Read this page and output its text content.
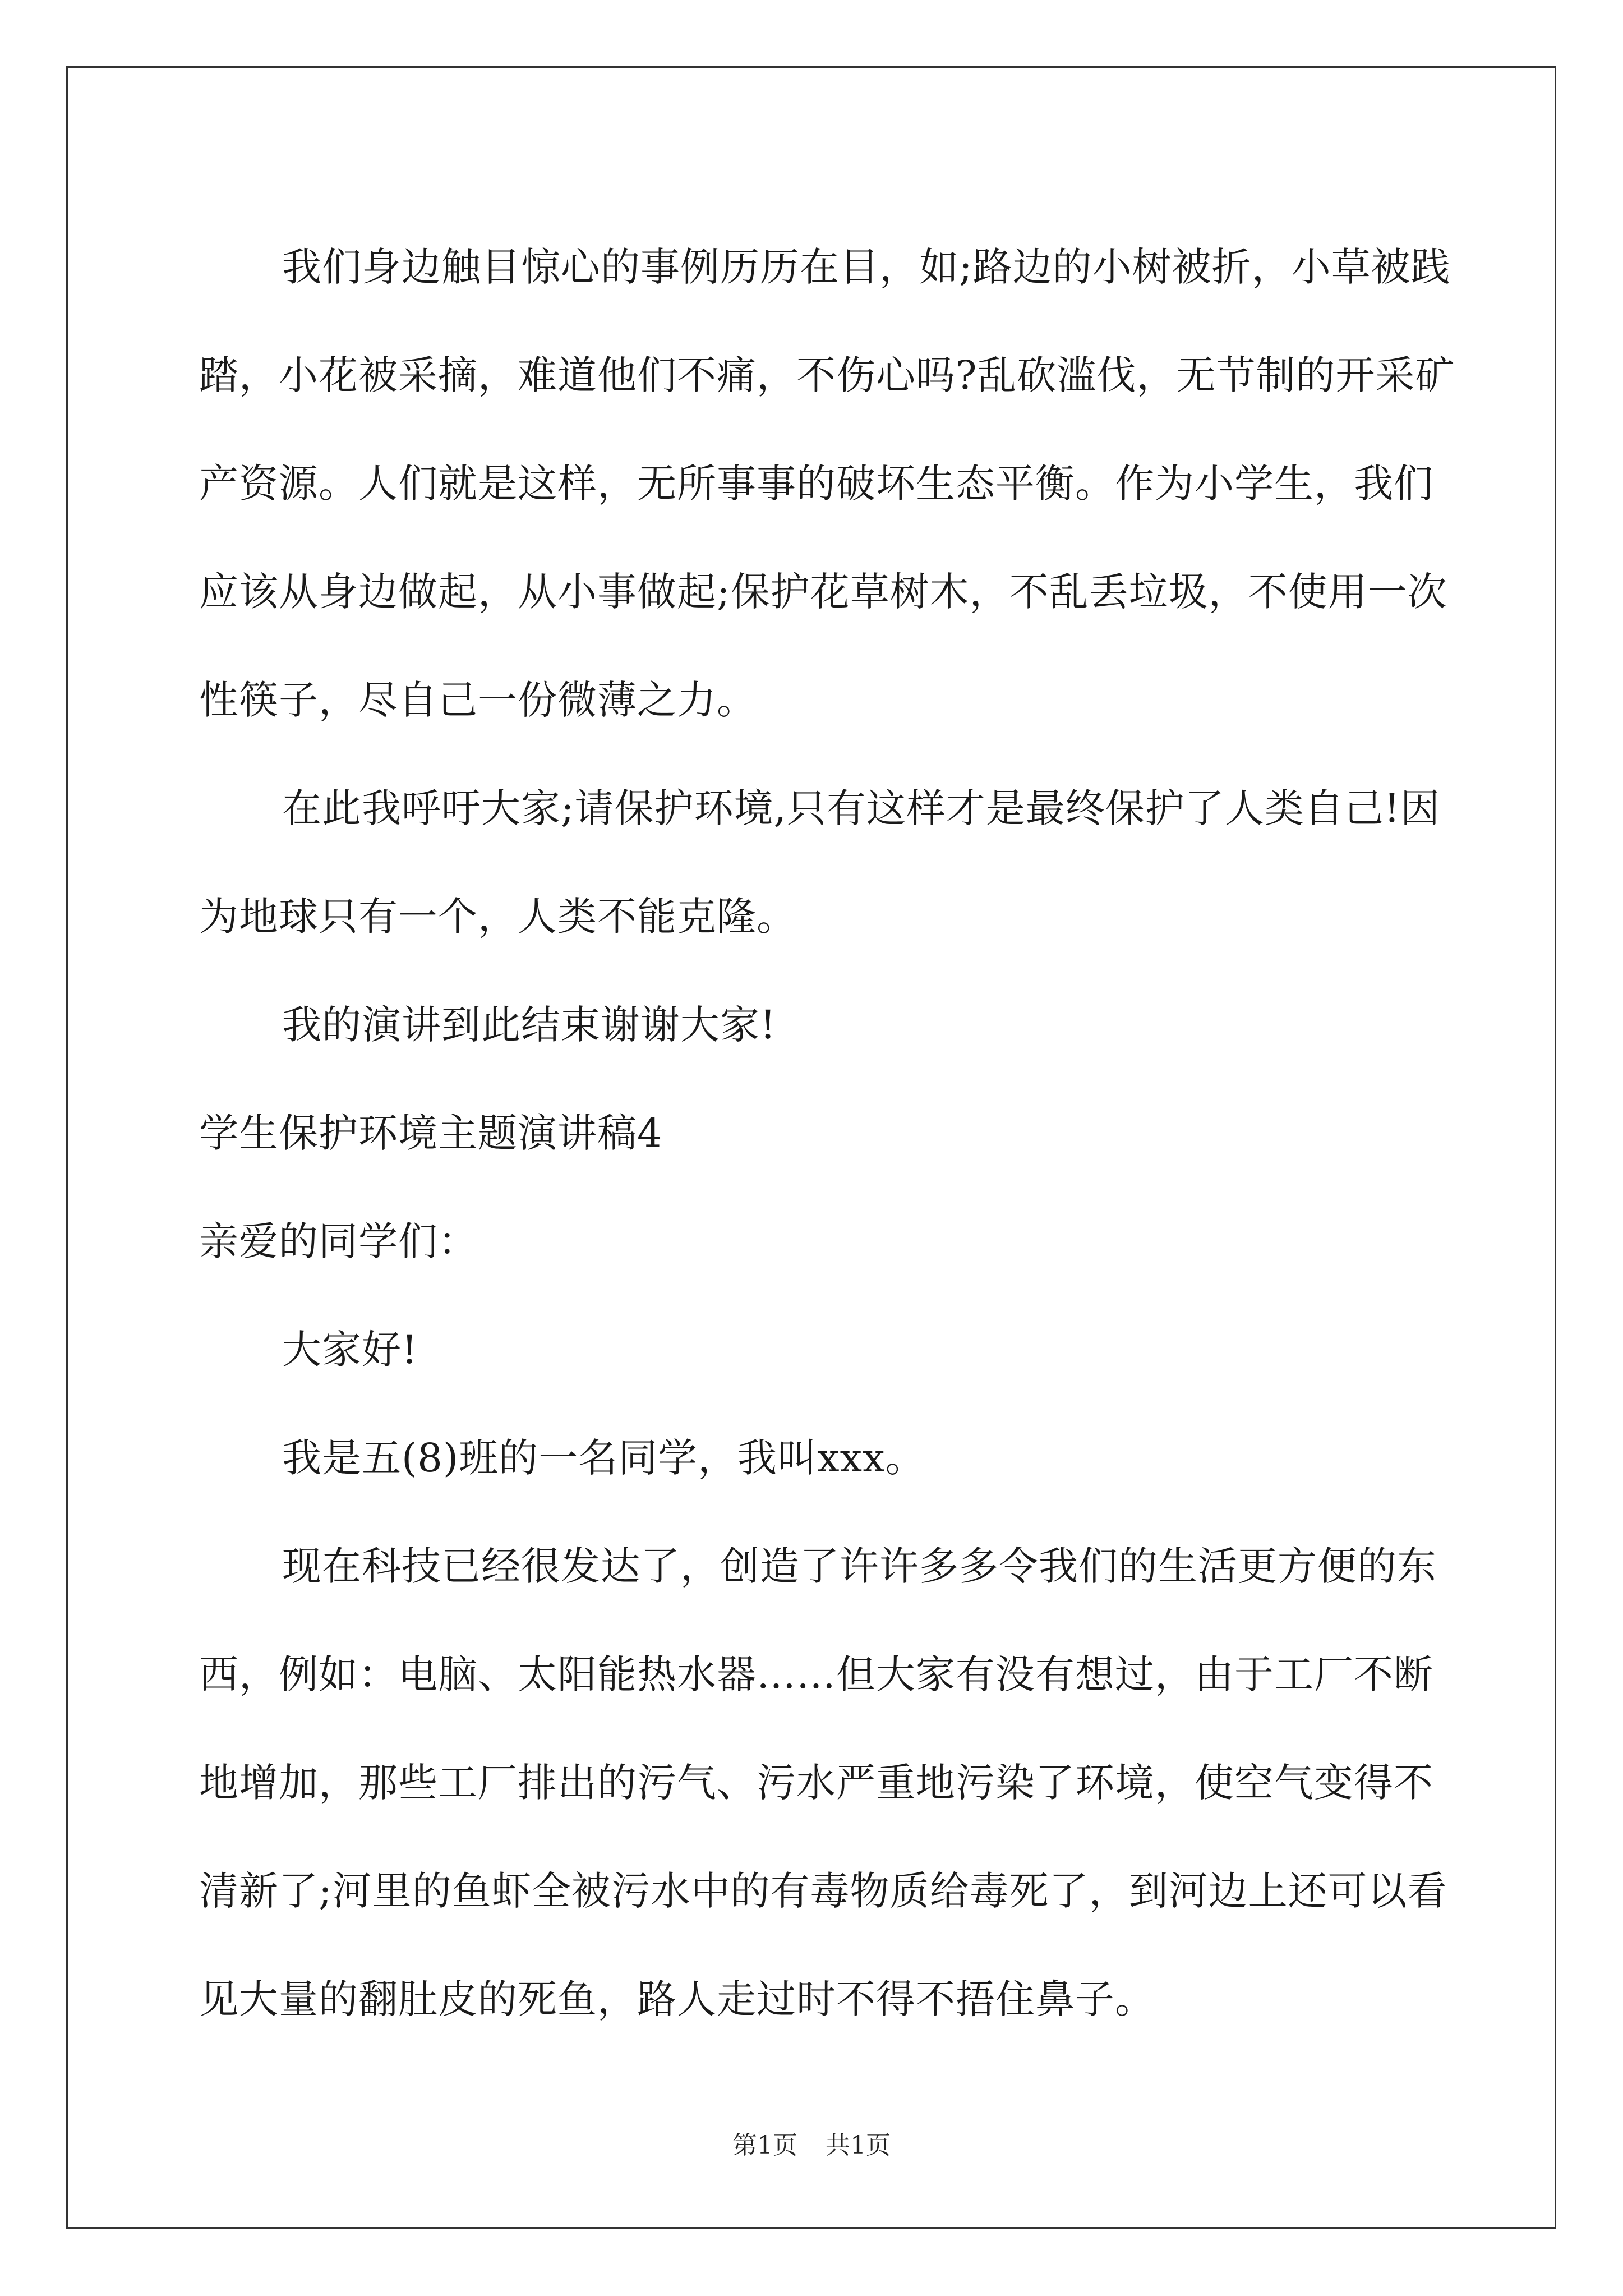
我们身边触目惊心的事例历历在目，如;路边的小树被折，小草被践踏，小花被采摘，难道他们不痛，不伤心吗?乱砍滥伐，无节制的开采矿产资源。人们就是这样，无所事事的破坏生态平衡。作为小学生，我们应该从身边做起，从小事做起;保护花草树木，不乱丢垃圾，不使用一次性筷子，尽自己一份微薄之力。

在此我呼吁大家;请保护环境,只有这样才是最终保护了人类自己!因为地球只有一个，人类不能克隆。

我的演讲到此结束谢谢大家!

学生保护环境主题演讲稿4

亲爱的同学们：

大家好!

我是五(8)班的一名同学，我叫xxx。

现在科技已经很发达了，创造了许许多多令我们的生活更方便的东西，例如：电脑、太阳能热水器……但大家有没有想过，由于工厂不断地增加，那些工厂排出的污气、污水严重地污染了环境，使空气变得不清新了;河里的鱼虾全被污水中的有毒物质给毒死了，到河边上还可以看见大量的翻肚皮的死鱼，路人走过时不得不捂住鼻子。

第1页 共1页
